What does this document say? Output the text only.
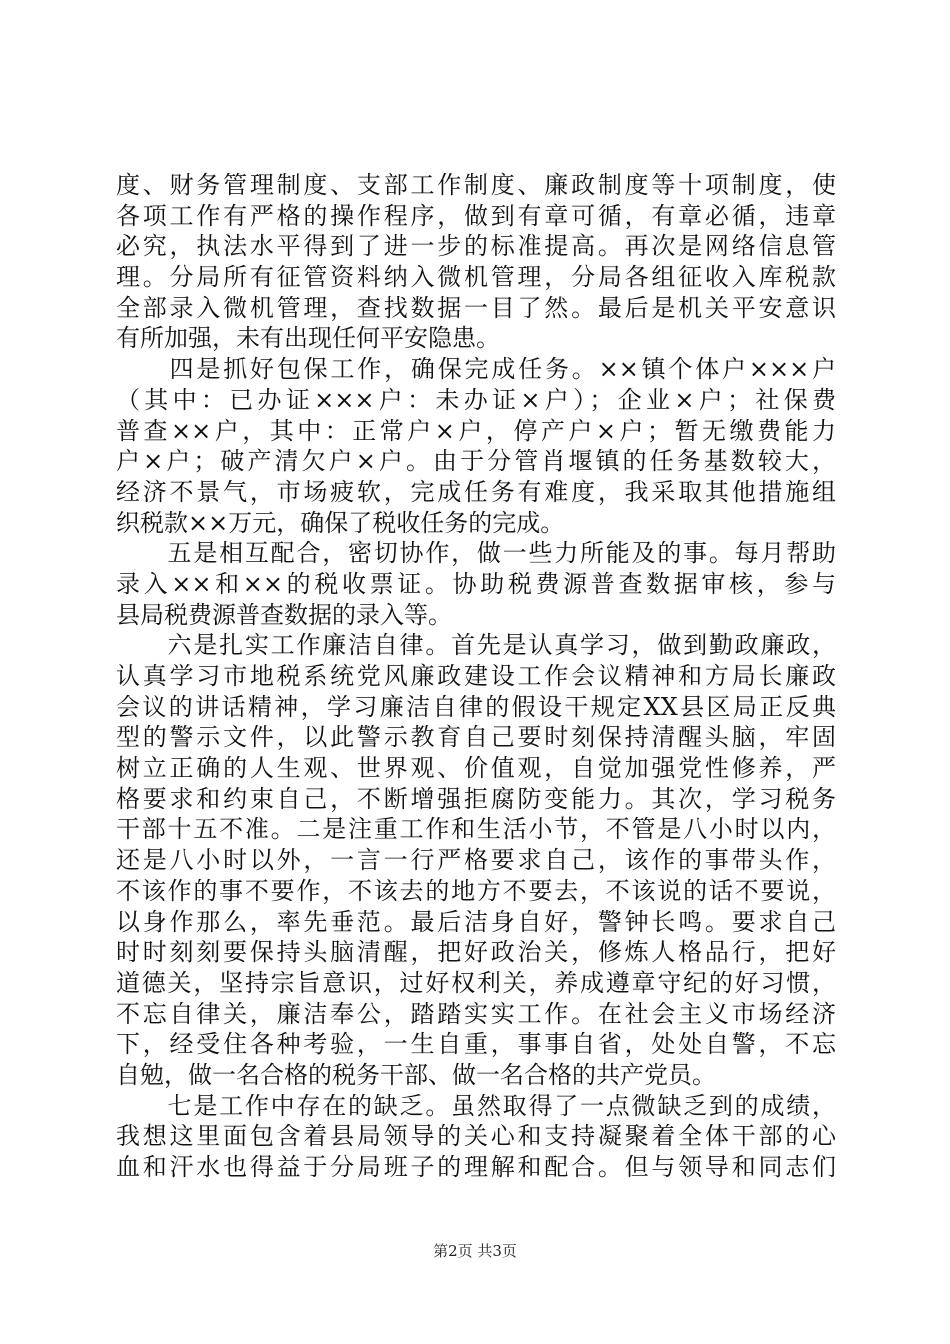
度、财务管理制度、支部工作制度、廉政制度等十项制度，使
各项工作有严格的操作程序，做到有章可循，有章必循，违章
必究，执法水平得到了进一步的标准提高。再次是网络信息管
理。分局所有征管资料纳入微机管理，分局各组征收入库税款
全部录入微机管理，查找数据一目了然。最后是机关平安意识
有所加强，未有出现任何平安隐患。
　　四是抓好包保工作，确保完成任务。××镇个体户×××户
（其中：已办证×××户：未办证×户）；企业×户；社保费
普查××户，其中：正常户×户，停产户×户；暂无缴费能力
户×户；破产清欠户×户。由于分管肖堰镇的任务基数较大，
经济不景气，市场疲软，完成任务有难度，我采取其他措施组
织税款××万元，确保了税收任务的完成。
　　五是相互配合，密切协作，做一些力所能及的事。每月帮助
录入××和××的税收票证。协助税费源普查数据审核，参与
县局税费源普查数据的录入等。
　　六是扎实工作廉洁自律。首先是认真学习，做到勤政廉政，
认真学习市地税系统党风廉政建设工作会议精神和方局长廉政
会议的讲话精神，学习廉洁自律的假设干规定XX县区局正反典
型的警示文件，以此警示教育自己要时刻保持清醒头脑，牢固
树立正确的人生观、世界观、价值观，自觉加强党性修养，严
格要求和约束自己，不断增强拒腐防变能力。其次，学习税务
干部十五不准。二是注重工作和生活小节，不管是八小时以内，
还是八小时以外，一言一行严格要求自己，该作的事带头作，
不该作的事不要作，不该去的地方不要去，不该说的话不要说，
以身作那么，率先垂范。最后洁身自好，警钟长鸣。要求自己
时时刻刻要保持头脑清醒，把好政治关，修炼人格品行，把好
道德关，坚持宗旨意识，过好权利关，养成遵章守纪的好习惯，
不忘自律关，廉洁奉公，踏踏实实工作。在社会主义市场经济
下，经受住各种考验，一生自重，事事自省，处处自警，不忘
自勉，做一名合格的税务干部、做一名合格的共产党员。
　　七是工作中存在的缺乏。虽然取得了一点微缺乏到的成绩，
我想这里面包含着县局领导的关心和支持凝聚着全体干部的心
血和汗水也得益于分局班子的理解和配合。但与领导和同志们
第2页 共3页
